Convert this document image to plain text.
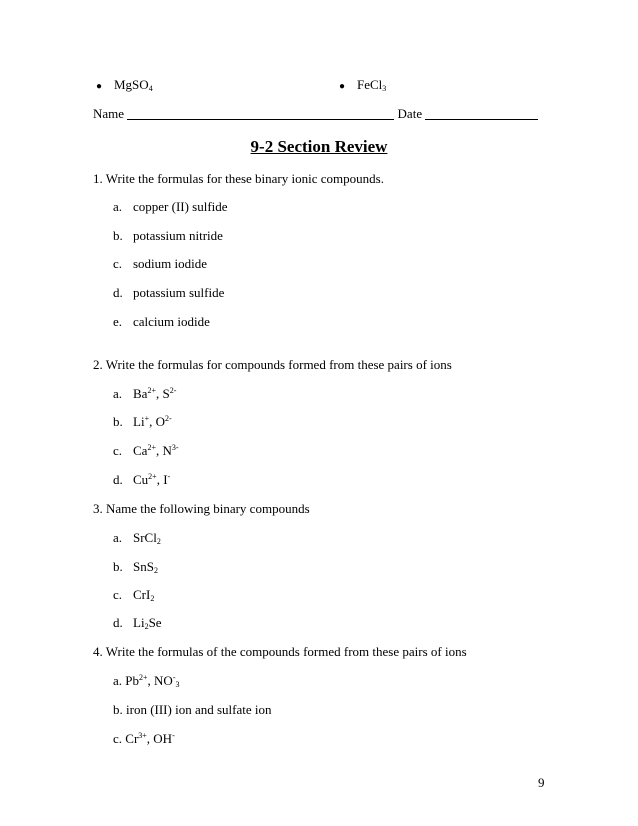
● MgSO$_4$	● FeCl$_3$
Name	Date
9-2 Section Review
1. Write the formulas for these binary ionic compounds.
a. copper (II) sulfide
b. potassium nitride
c. sodium iodide
d. potassium sulfide
e. calcium iodide
2. Write the formulas for compounds formed from these pairs of ions
a. $Ba^{2+}$, $S^{2-}$
b. Li+, $O^{2-}$
c. $Ca^{2+}$, $N^{3-}$
d. $Cu^{2+}$, I-
3. Name the following binary compounds
a. SrCl$_2$
b. SnS$_2$
c. CrI$_2$
d. $Li_2Se$
4. Write the formulas of the compounds formed from these pairs of ions
a. $Pb^{2+}$, $NO^-_3$
b. iron (III) ion and sulfate ion
c. $Cr^{3+}$, OH-
9
